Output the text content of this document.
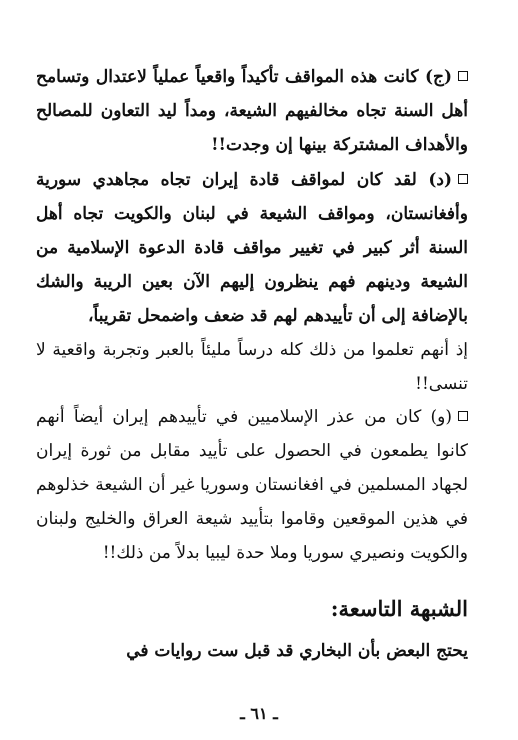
(ج) كانت هذه المواقف تأكيداً واقعياً عملياً لاعتدال وتسامح أهل السنة تجاه مخالفيهم الشيعة، ومداً ليد التعاون للمصالح والأهداف المشتركة بينها إن وجدت!!

(د) لقد كان لمواقف قادة إيران تجاه مجاهدي سورية وأفغانستان، ومواقف الشيعة في لبنان والكويت تجاه أهل السنة أثر كبير في تغيير مواقف قادة الدعوة الإسلامية من الشيعة ودينهم فهم ينظرون إليهم الآن بعين الريبة والشك بالإضافة إلى أن تأييدهم لهم قد ضعف واضمحل تقريباً،

إذ أنهم تعلموا من ذلك كله درساً مليئاً بالعبر وتجربة واقعية لا تنسى!!

(و) كان من عذر الإسلاميين في تأييدهم إيران أيضاً أنهم كانوا يطمعون في الحصول على تأييد مقابل من ثورة إيران لجهاد المسلمين في افغانستان وسوريا غير أن الشيعة خذلوهم في هذين الموقعين وقاموا بتأييد شيعة العراق والخليج ولبنان والكويت ونصيري سوريا وملا حدة ليبيا بدلاً من ذلك!!

الشبهة التاسعة:

يحتج البعض بأن البخاري قد قبل ست روايات في

ـ ٦١ ـ
